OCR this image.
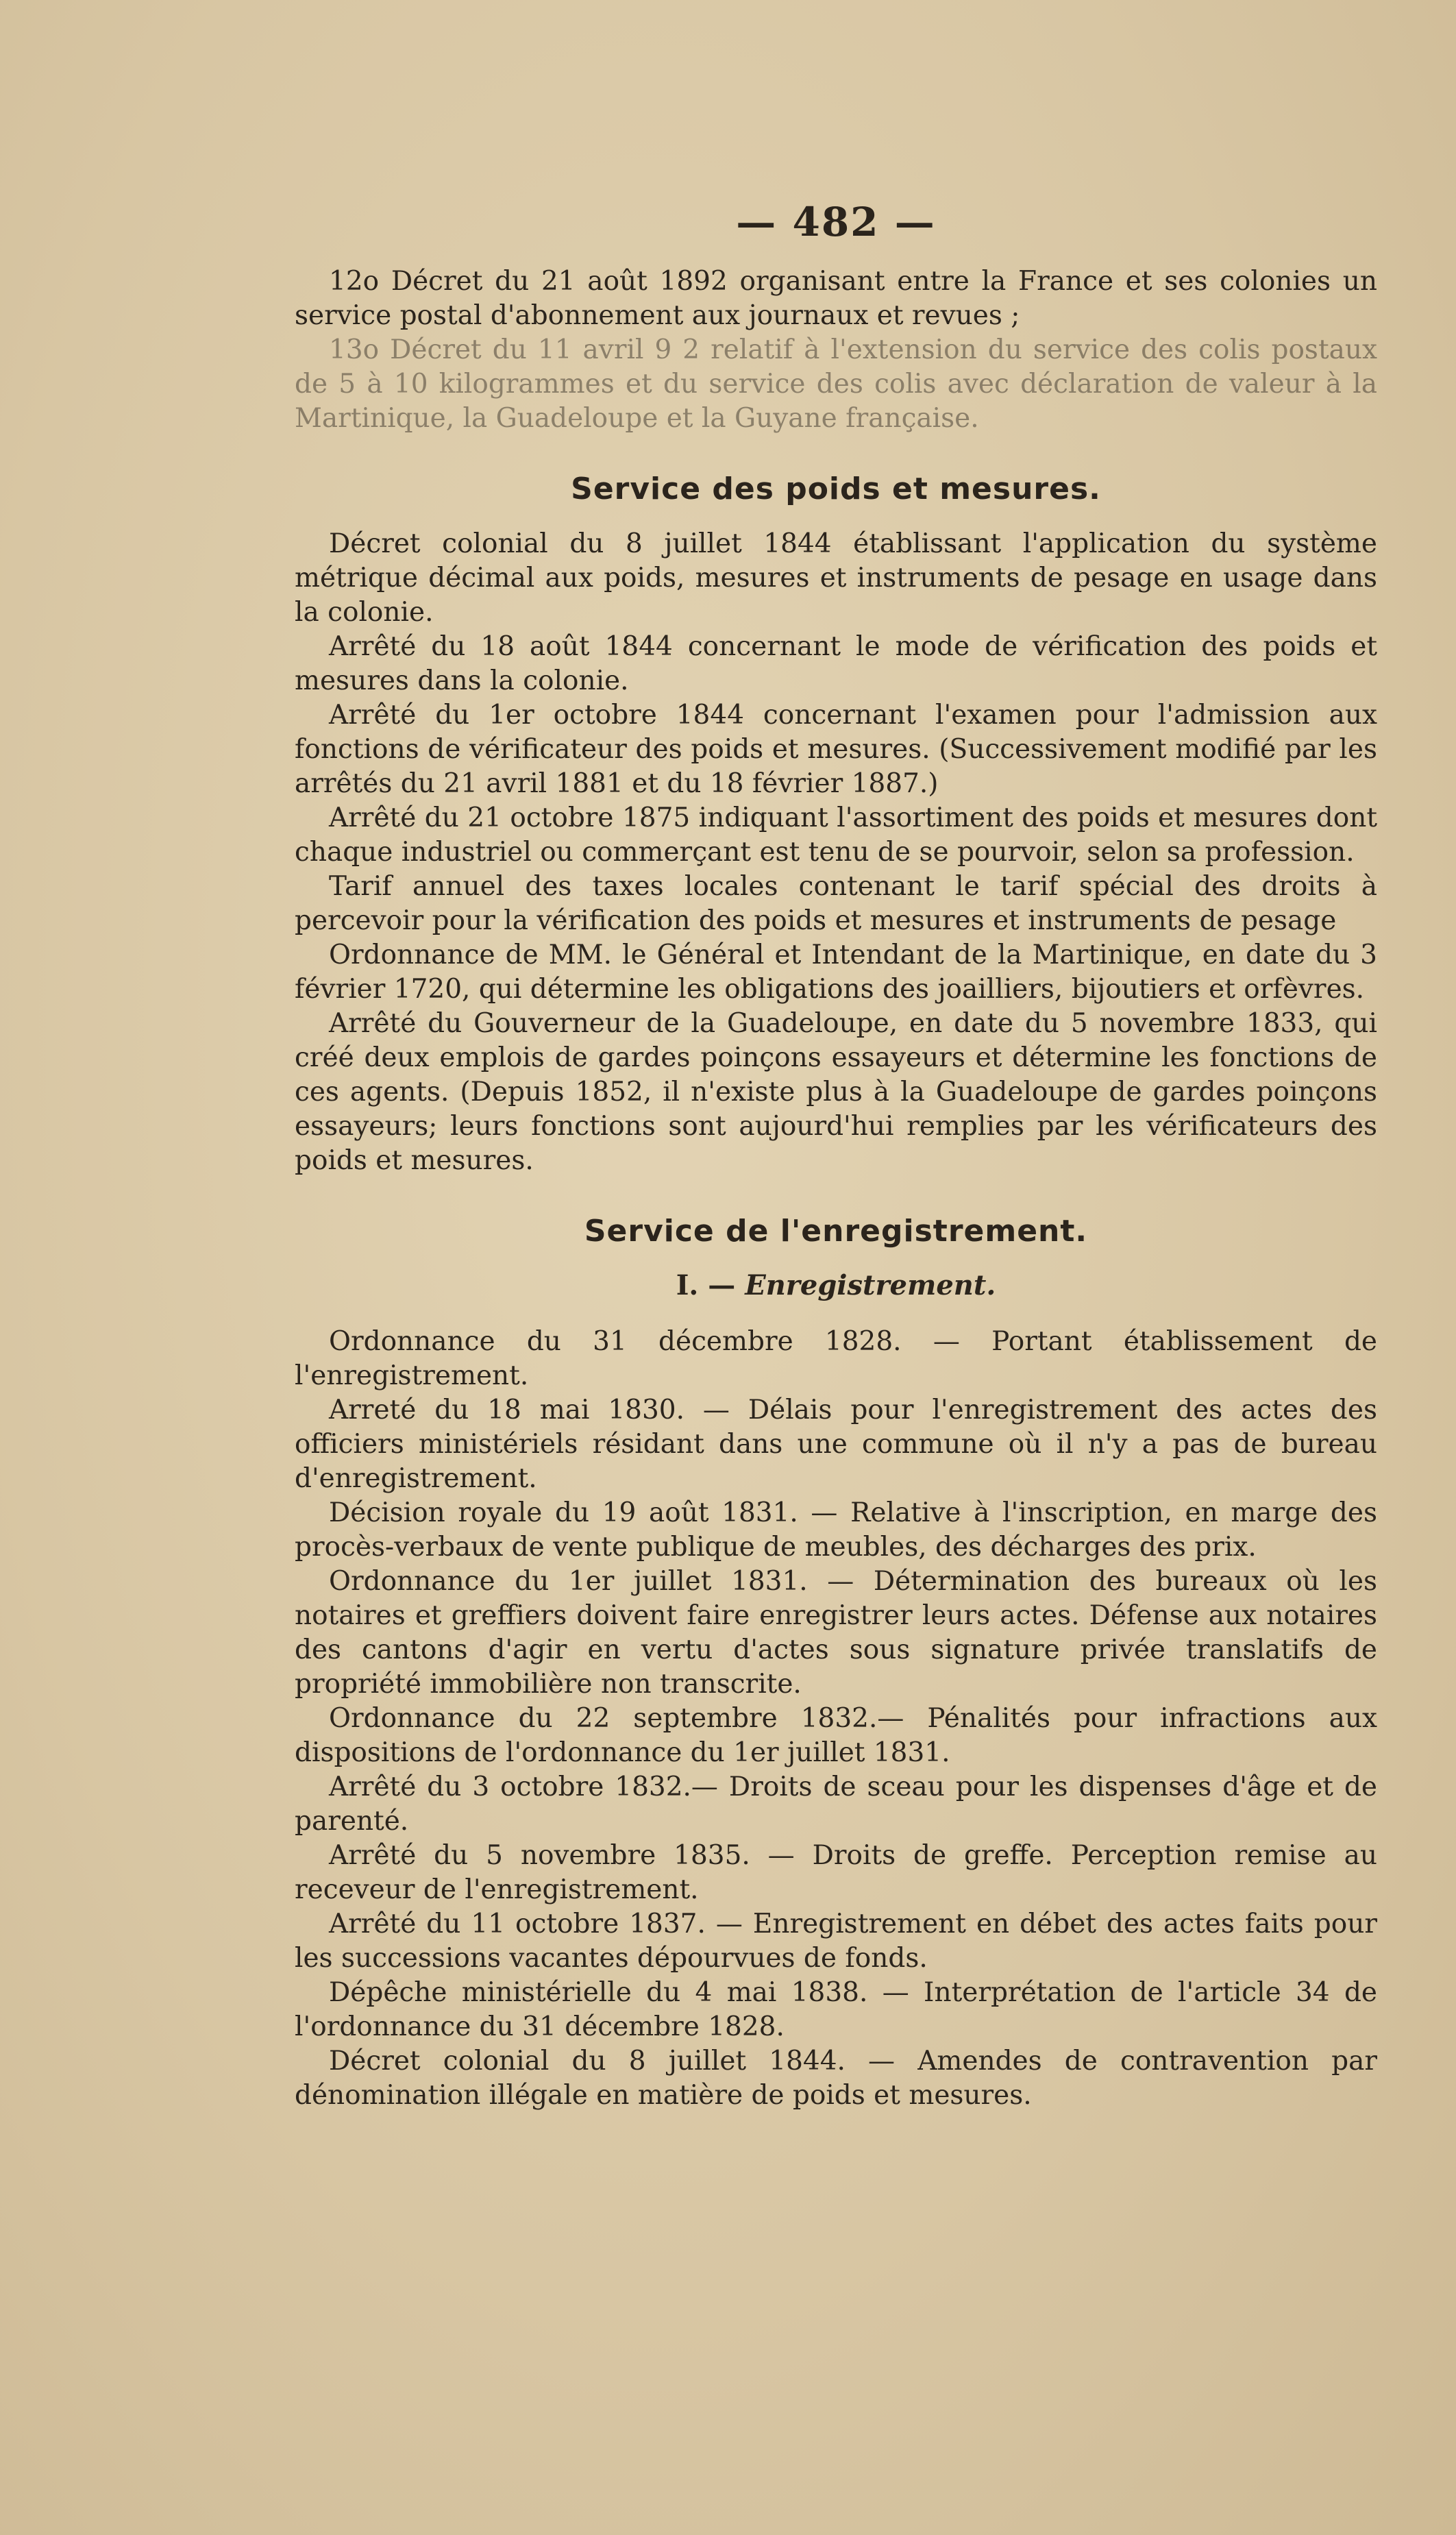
— 482 —

12o Décret du 21 août 1892 organisant entre la France et ses colonies un service postal d'abonnement aux journaux et revues ;

13o Décret du 11 avril 9 2 relatif à l'extension du service des colis postaux de 5 à 10 kilogrammes et du service des colis avec déclaration de valeur à la Martinique, la Guadeloupe et la Guyane française.

Service des poids et mesures.

Décret colonial du 8 juillet 1844 établissant l'application du système métrique décimal aux poids, mesures et instruments de pesage en usage dans la colonie.

Arrêté du 18 août 1844 concernant le mode de vérification des poids et mesures dans la colonie.

Arrêté du 1er octobre 1844 concernant l'examen pour l'admission aux fonctions de vérificateur des poids et mesures. (Successivement modifié par les arrêtés du 21 avril 1881 et du 18 février 1887.)

Arrêté du 21 octobre 1875 indiquant l'assortiment des poids et mesures dont chaque industriel ou commerçant est tenu de se pourvoir, selon sa profession.

Tarif annuel des taxes locales contenant le tarif spécial des droits à percevoir pour la vérification des poids et mesures et instruments de pesage

Ordonnance de MM. le Général et Intendant de la Martinique, en date du 3 février 1720, qui détermine les obligations des joailliers, bijoutiers et orfèvres.

Arrêté du Gouverneur de la Guadeloupe, en date du 5 novembre 1833, qui créé deux emplois de gardes poinçons essayeurs et détermine les fonctions de ces agents. (Depuis 1852, il n'existe plus à la Guadeloupe de gardes poinçons essayeurs; leurs fonctions sont aujourd'hui remplies par les vérificateurs des poids et mesures.

Service de l'enregistrement.
I. — Enregistrement.

Ordonnance du 31 décembre 1828. — Portant établissement de l'enregistrement.

Arreté du 18 mai 1830. — Délais pour l'enregistrement des actes des officiers ministériels résidant dans une commune où il n'y a pas de bureau d'enregistrement.

Décision royale du 19 août 1831. — Relative à l'inscription, en marge des procès-verbaux de vente publique de meubles, des décharges des prix.

Ordonnance du 1er juillet 1831. — Détermination des bureaux où les notaires et greffiers doivent faire enregistrer leurs actes. Défense aux notaires des cantons d'agir en vertu d'actes sous signature privée translatifs de propriété immobilière non transcrite.

Ordonnance du 22 septembre 1832.— Pénalités pour infractions aux dispositions de l'ordonnance du 1er juillet 1831.

Arrêté du 3 octobre 1832.— Droits de sceau pour les dispenses d'âge et de parenté.

Arrêté du 5 novembre 1835. — Droits de greffe. Perception remise au receveur de l'enregistrement.

Arrêté du 11 octobre 1837. — Enregistrement en débet des actes faits pour les successions vacantes dépourvues de fonds.

Dépêche ministérielle du 4 mai 1838. — Interprétation de l'article 34 de l'ordonnance du 31 décembre 1828.

Décret colonial du 8 juillet 1844. — Amendes de contravention par dénomination illégale en matière de poids et mesures.
